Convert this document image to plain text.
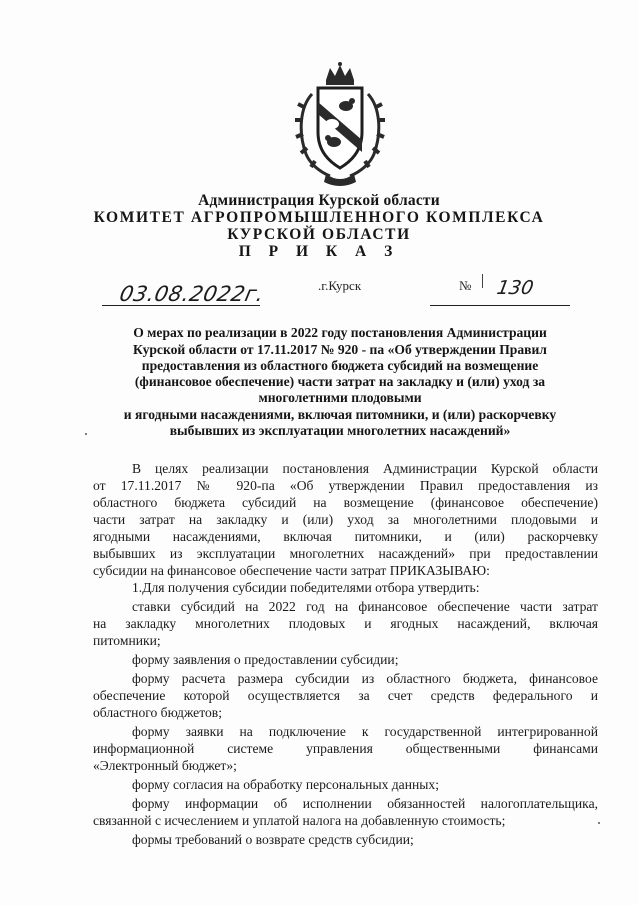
Администрация Курской области
КОМИТЕТ АГРОПРОМЫШЛЕННОГО КОМПЛЕКСА
КУРСКОЙ ОБЛАСТИ
П Р И К А З
03.08.2022г.	.г.Курск	№ 130
О мерах по реализации в 2022 году постановления Администрации
Курской области от 17.11.2017 № 920 - па «Об утверждении Правил
предоставления из областного бюджета субсидий на возмещение
(финансовое обеспечение) части затрат на закладку и (или) уход за
многолетними плодовыми
и ягодными насаждениями, включая питомники, и (или) раскорчевку
выбывших из эксплуатации многолетних насаждений»
В целях реализации постановления Администрации Курской области
от 17.11.2017 № 920-па «Об утверждении Правил предоставления из
областного бюджета субсидий на возмещение (финансовое обеспечение)
части затрат на закладку и (или) уход за многолетними плодовыми и
ягодными насаждениями, включая питомники, и (или) раскорчевку
выбывших из эксплуатации многолетних насаждений» при предоставлении
субсидии на финансовое обеспечение части затрат ПРИКАЗЫВАЮ:
1.Для получения субсидии победителями отбора утвердить:
ставки субсидий на 2022 год на финансовое обеспечение части затрат
на закладку многолетних плодовых и ягодных насаждений, включая
питомники;
форму заявления о предоставлении субсидии;
форму расчета размера субсидии из областного бюджета, финансовое
обеспечение которой осуществляется за счет средств федерального и
областного бюджетов;
форму заявки на подключение к государственной интегрированной
информационной системе управления общественными финансами
«Электронный бюджет»;
форму согласия на обработку персональных данных;
форму информации об исполнении обязанностей налогоплательщика,
связанной с исчеслением и уплатой налога на добавленную стоимость;
формы требований о возврате средств субсидии;
